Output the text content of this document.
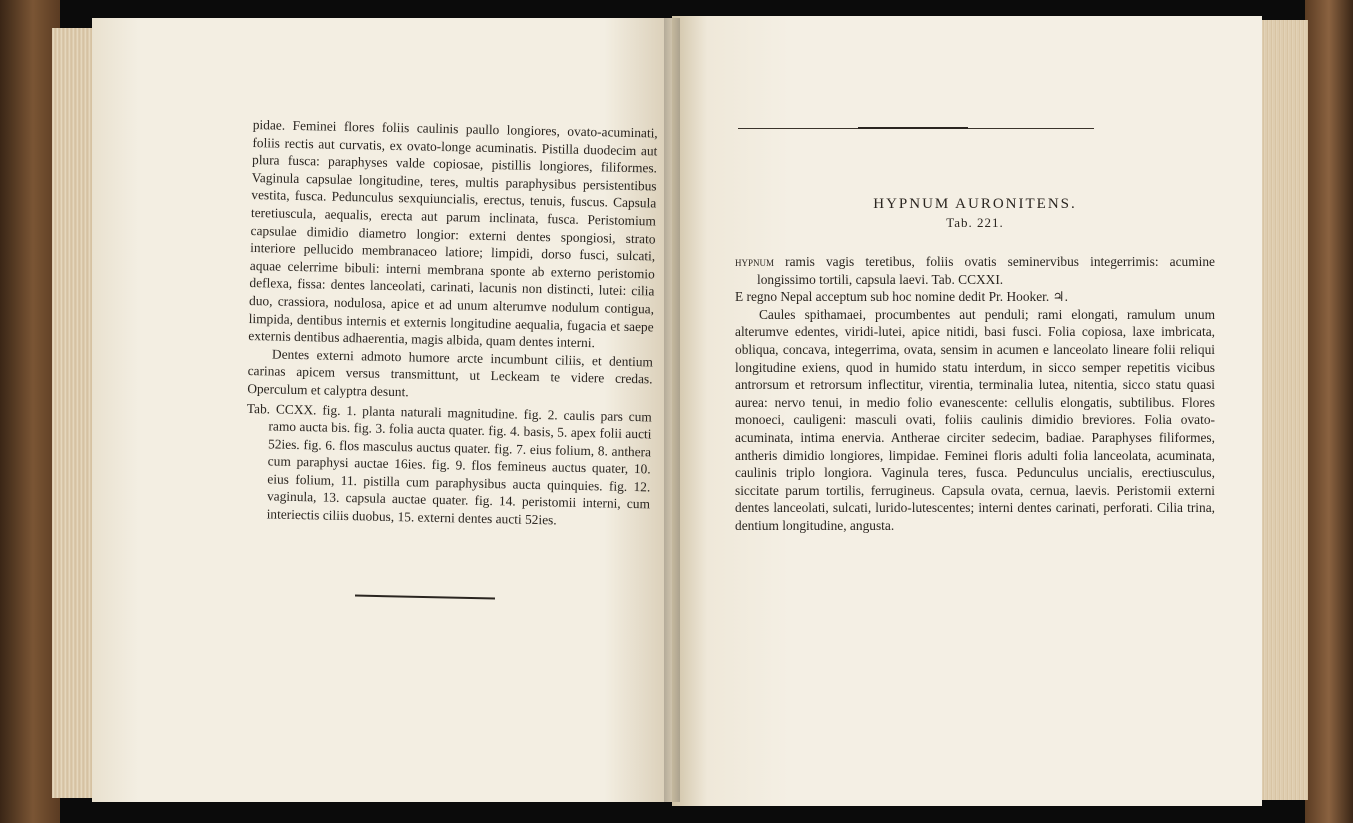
pidae. Feminei flores foliis caulinis paullo longiores, ovato-acuminati, foliis rectis aut curvatis, ex ovato-longe acuminatis. Pistilla duodecim aut plura fusca: paraphyses valde copiosae, pistillis longiores, filiformes. Vaginula capsulae longitudine, teres, multis paraphysibus persistentibus vestita, fusca. Pedunculus sexquiuncialis, erectus, tenuis, fuscus. Capsula teretiuscula, aequalis, erecta aut parum inclinata, fusca. Peristomium capsulae dimidio diametro longior: externi dentes spongiosi, strato interiore pellucido membranaceo latiore; limpidi, dorso fusci, sulcati, aquae celerrime bibuli: interni membrana sponte ab externo peristomio deflexa, fissa: dentes lanceolati, carinati, lacunis non distincti, lutei: cilia duo, crassiora, nodulosa, apice et ad unum alterumve nodulum contigua, limpida, dentibus internis et externis longitudine aequalia, fugacia et saepe externis dentibus adhaerentia, magis albida, quam dentes interni.

Dentes externi admoto humore arcte incumbunt ciliis, et dentium carinas apicem versus transmittunt, ut Leckeam te videre credas. Operculum et calyptra desunt.

Tab. CCXX. fig. 1. planta naturali magnitudine. fig. 2. caulis pars cum ramo aucta bis. fig. 3. folia aucta quater. fig. 4. basis, 5. apex folii aucti 52ies. fig. 6. flos masculus auctus quater. fig. 7. eius folium, 8. anthera cum paraphysi auctae 16ies. fig. 9. flos femineus auctus quater, 10. eius folium, 11. pistilla cum paraphysibus aucta quinquies. fig. 12. vaginula, 13. capsula auctae quater. fig. 14. peristomii interni, cum interiectis ciliis duobus, 15. externi dentes aucti 52ies.

HYPNUM AURONITENS.
Tab. 221.

hypnum ramis vagis teretibus, foliis ovatis seminervibus integerrimis: acumine longissimo tortili, capsula laevi. Tab. CCXXI.

E regno Nepal acceptum sub hoc nomine dedit Pr. Hooker. ♃.

Caules spithamaei, procumbentes aut penduli; rami elongati, ramulum unum alterumve edentes, viridi-lutei, apice nitidi, basi fusci. Folia copiosa, laxe imbricata, obliqua, concava, integerrima, ovata, sensim in acumen e lanceolato lineare folii reliqui longitudine exiens, quod in humido statu interdum, in sicco semper repetitis vicibus antrorsum et retrorsum inflectitur, virentia, terminalia lutea, nitentia, sicco statu quasi aurea: nervo tenui, in medio folio evanescente: cellulis elongatis, subtilibus. Flores monoeci, cauligeni: masculi ovati, foliis caulinis dimidio breviores. Folia ovato-acuminata, intima enervia. Antherae circiter sedecim, badiae. Paraphyses filiformes, antheris dimidio longiores, limpidae. Feminei floris adulti folia lanceolata, acuminata, caulinis triplo longiora. Vaginula teres, fusca. Pedunculus uncialis, erectiusculus, siccitate parum tortilis, ferrugineus. Capsula ovata, cernua, laevis. Peristomii externi dentes lanceolati, sulcati, lurido-lutescentes; interni dentes carinati, perforati. Cilia trina, dentium longitudine, angusta.
